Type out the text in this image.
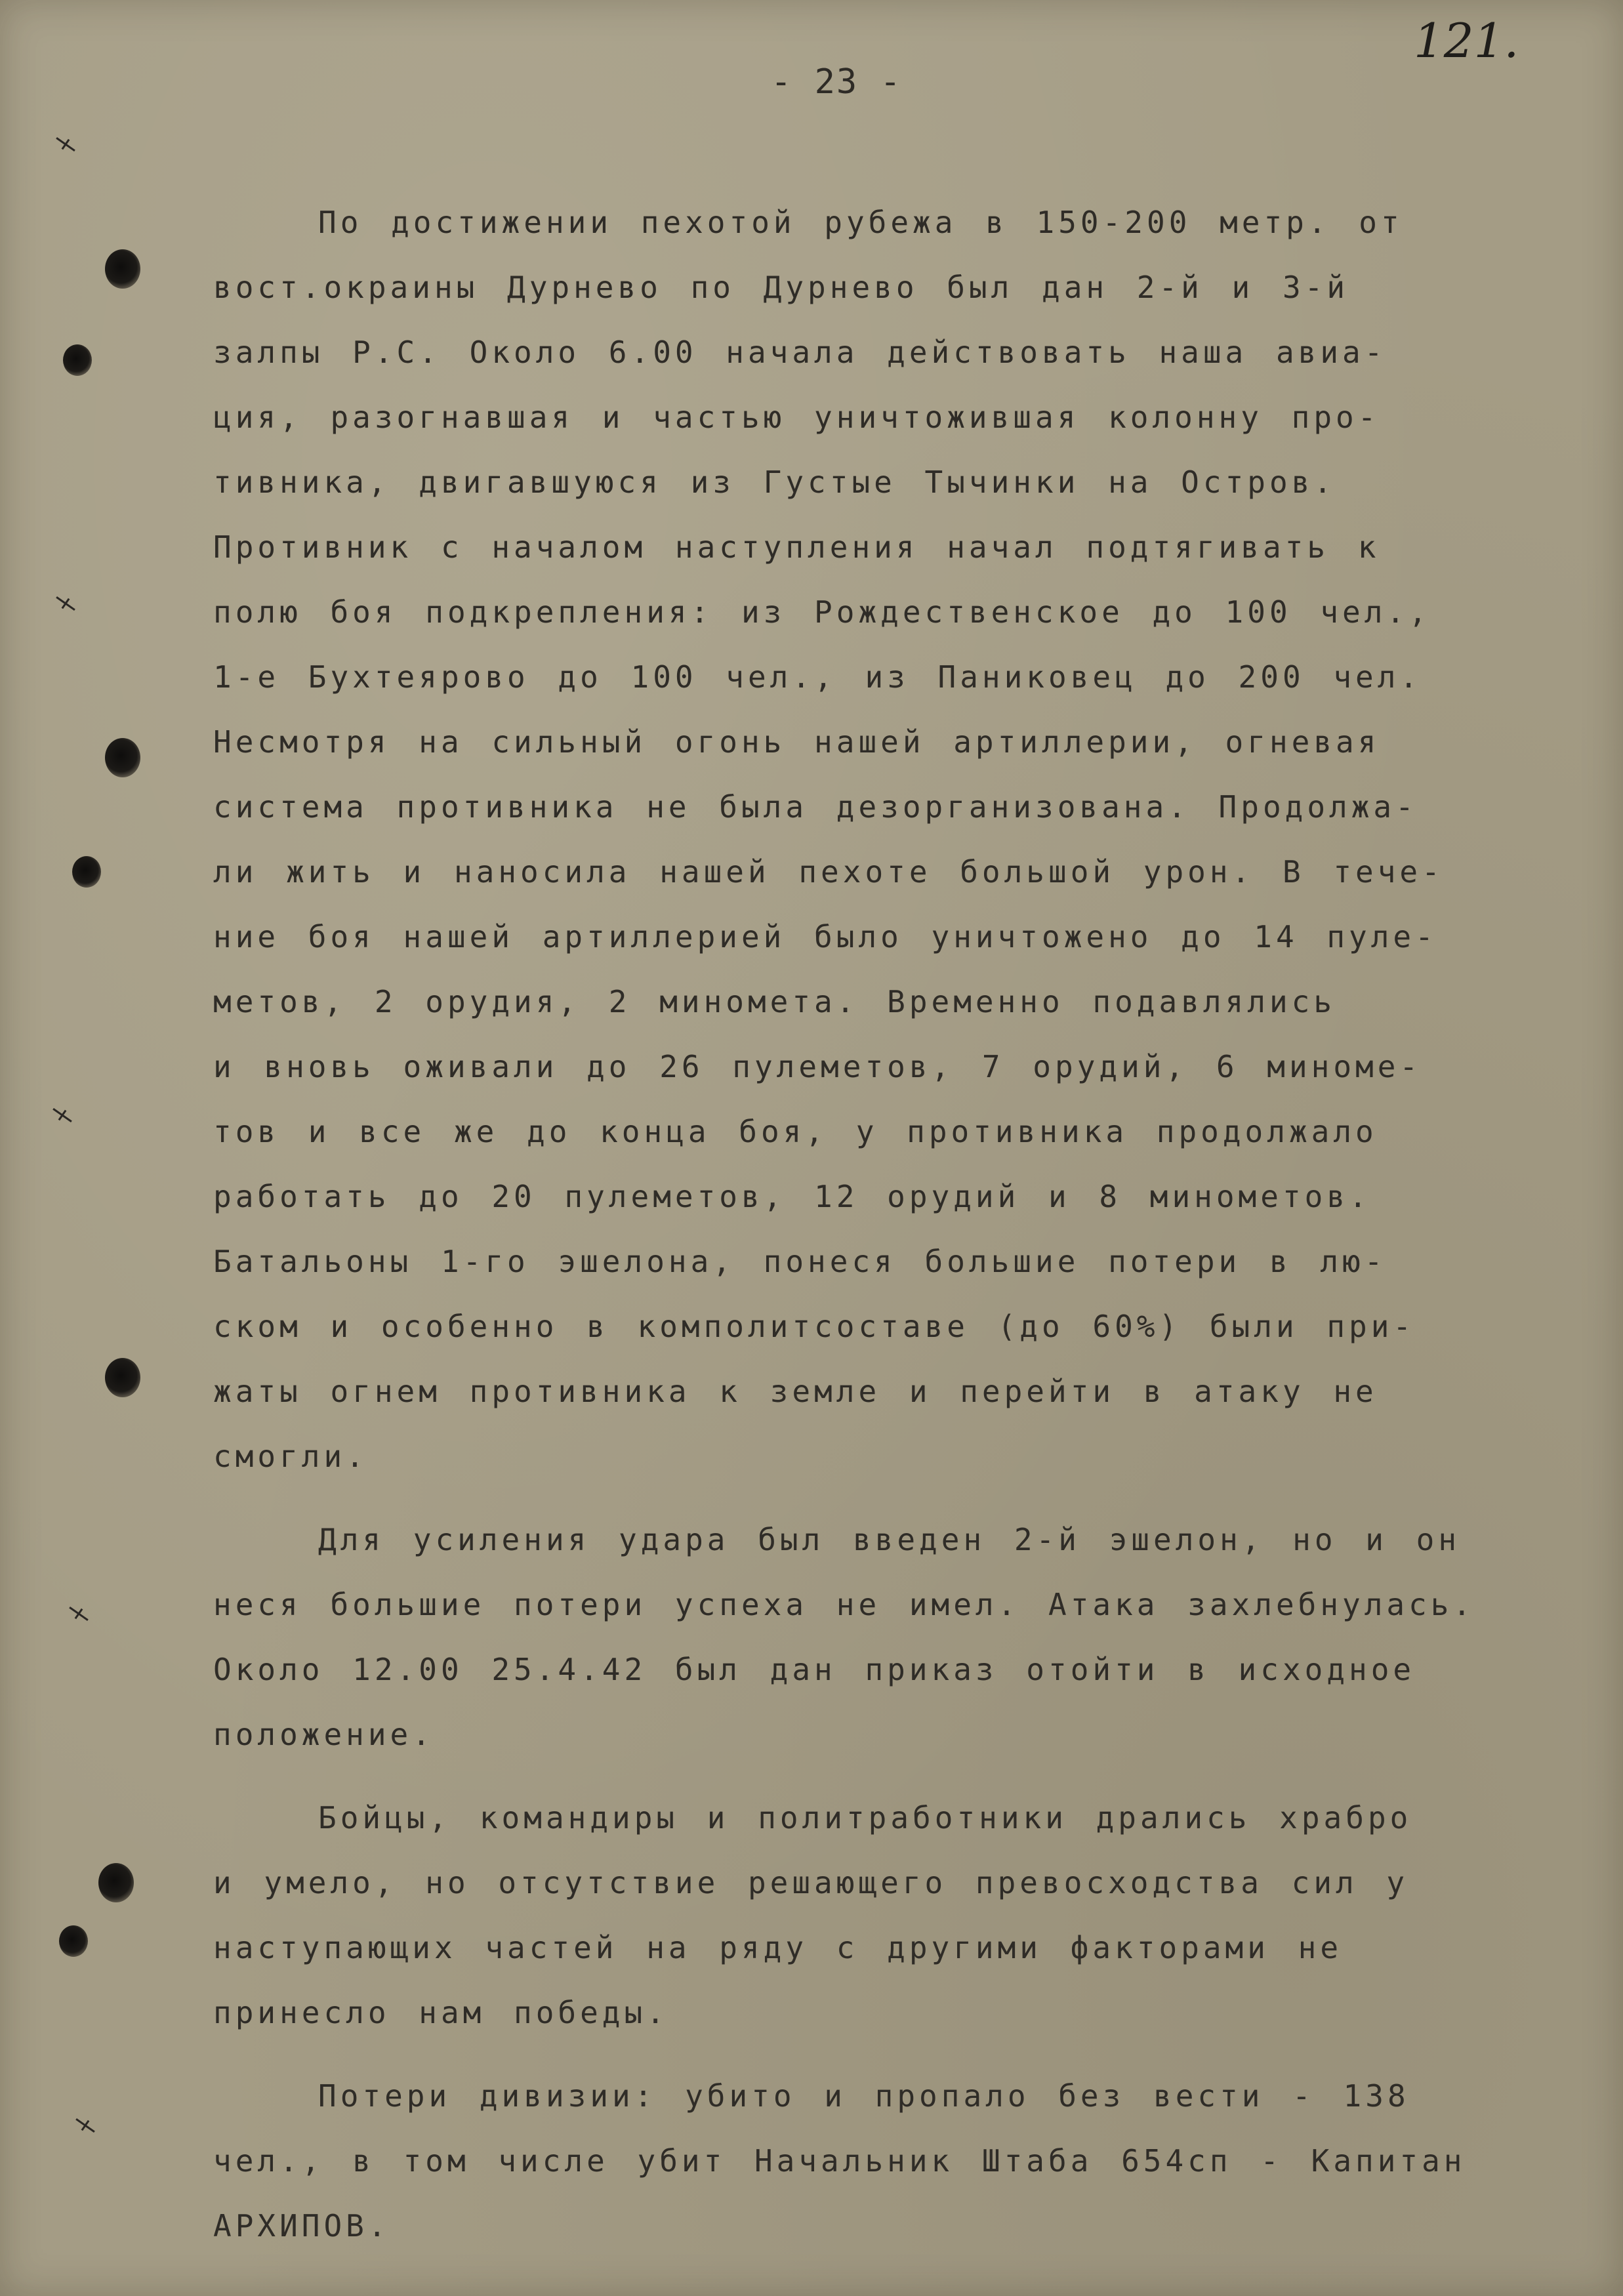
121.
- 23 -
По достижении пехотой рубежа в 150-200 метр. от
вост.окраины Дурнево по Дурнево был дан 2-й и 3-й
залпы Р.С. Около 6.00 начала действовать наша авиа-
ция, разогнавшая и частью уничтожившая колонну про-
тивника, двигавшуюся из Густые Тычинки на Остров.
Противник с началом наступления начал подтягивать к
полю боя подкрепления: из Рождественское до 100 чел.,
1-е Бухтеярово до 100 чел., из Паниковец до 200 чел.
Несмотря на сильный огонь нашей артиллерии, огневая
система противника не была дезорганизована. Продолжа-
ли жить и наносила нашей пехоте большой урон. В тече-
ние боя нашей артиллерией было уничтожено до 14 пуле-
метов, 2 орудия, 2 миномета. Временно подавлялись
и вновь оживали до 26 пулеметов, 7 орудий, 6 миноме-
тов и все же до конца боя, у противника продолжало
работать до 20 пулеметов, 12 орудий и 8 минометов.
Батальоны 1-го эшелона, понеся большие потери в лю-
ском и особенно в комполитсоставе (до 60%) были при-
жаты огнем противника к земле и перейти в атаку не
смогли.
Для усиления удара был введен 2-й эшелон, но и он
неся большие потери успеха не имел. Атака захлебнулась.
Около 12.00 25.4.42 был дан приказ отойти в исходное
положение.
Бойцы, командиры и политработники дрались храбро
и умело, но отсутствие решающего превосходства сил у
наступающих частей на ряду с другими факторами не
принесло нам победы.
Потери дивизии: убито и пропало без вести - 138
чел., в том числе убит Начальник Штаба 654сп - Капитан
АРХИПОВ.
